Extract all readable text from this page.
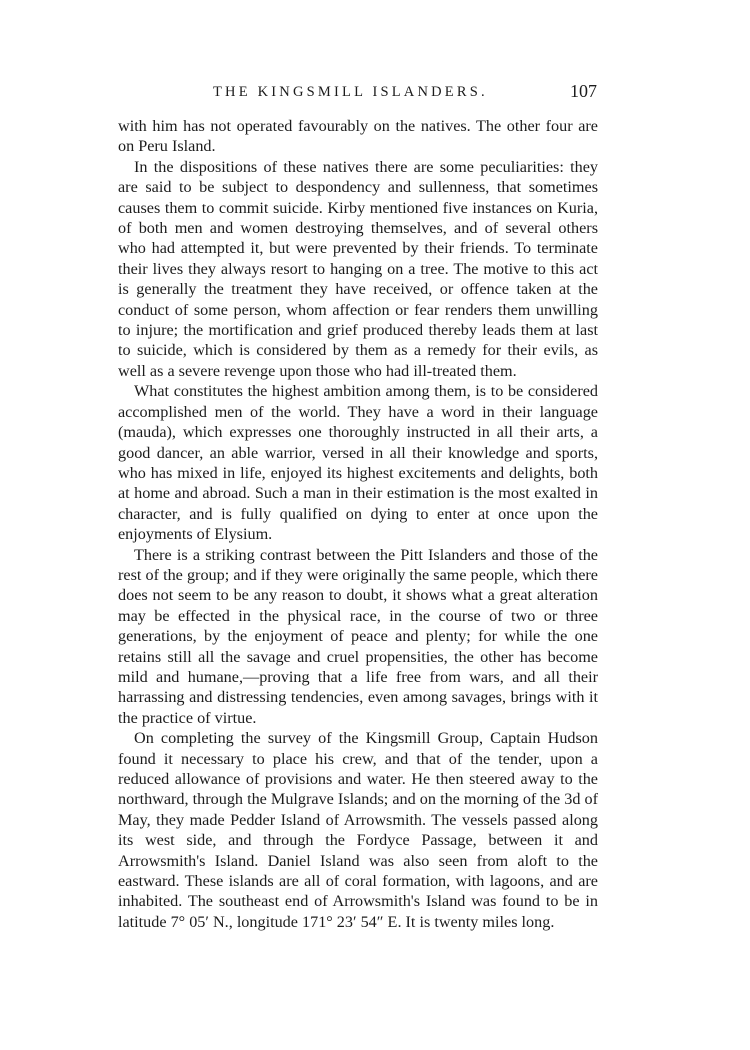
THE KINGSMILL ISLANDERS.	107

with him has not operated favourably on the natives. The other four are on Peru Island.

In the dispositions of these natives there are some peculiarities: they are said to be subject to despondency and sullenness, that sometimes causes them to commit suicide. Kirby mentioned five instances on Kuria, of both men and women destroying themselves, and of several others who had attempted it, but were prevented by their friends. To terminate their lives they always resort to hanging on a tree. The motive to this act is generally the treatment they have received, or offence taken at the conduct of some person, whom affection or fear renders them unwilling to injure; the mortification and grief produced thereby leads them at last to suicide, which is considered by them as a remedy for their evils, as well as a severe revenge upon those who had ill-treated them.

What constitutes the highest ambition among them, is to be considered accomplished men of the world. They have a word in their language (mauda), which expresses one thoroughly instructed in all their arts, a good dancer, an able warrior, versed in all their knowledge and sports, who has mixed in life, enjoyed its highest excitements and delights, both at home and abroad. Such a man in their estimation is the most exalted in character, and is fully qualified on dying to enter at once upon the enjoyments of Elysium.

There is a striking contrast between the Pitt Islanders and those of the rest of the group; and if they were originally the same people, which there does not seem to be any reason to doubt, it shows what a great alteration may be effected in the physical race, in the course of two or three generations, by the enjoyment of peace and plenty; for while the one retains still all the savage and cruel propensities, the other has become mild and humane,—proving that a life free from wars, and all their harrassing and distressing tendencies, even among savages, brings with it the practice of virtue.

On completing the survey of the Kingsmill Group, Captain Hudson found it necessary to place his crew, and that of the tender, upon a reduced allowance of provisions and water. He then steered away to the northward, through the Mulgrave Islands; and on the morning of the 3d of May, they made Pedder Island of Arrowsmith. The vessels passed along its west side, and through the Fordyce Passage, between it and Arrowsmith's Island. Daniel Island was also seen from aloft to the eastward. These islands are all of coral formation, with lagoons, and are inhabited. The southeast end of Arrowsmith's Island was found to be in latitude 7° 05′ N., longitude 171° 23′ 54″ E. It is twenty miles long.
